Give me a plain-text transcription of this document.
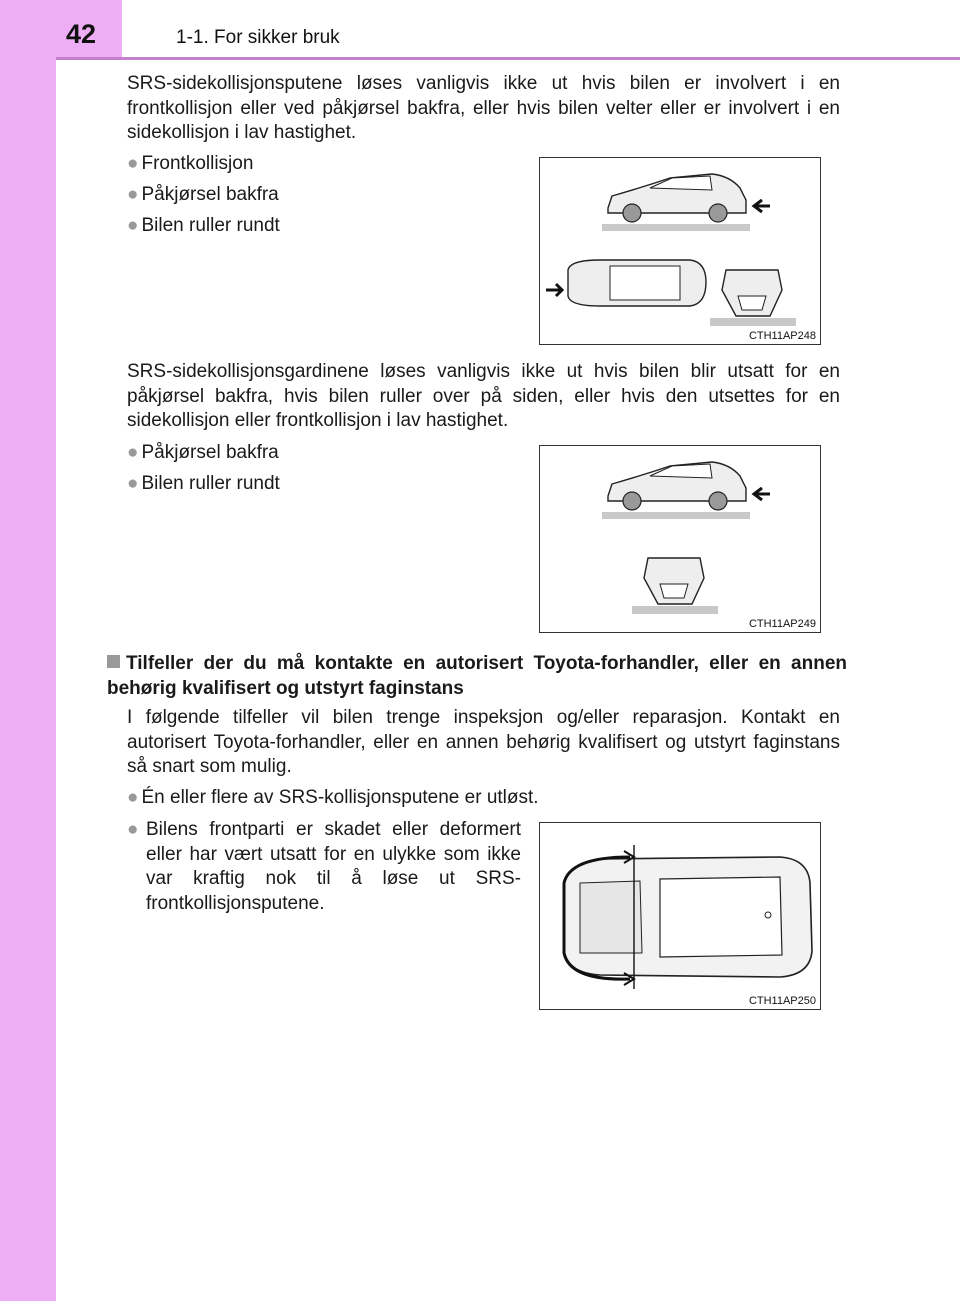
42	1-1. For sikker bruk

SRS-sidekollisjonsputene løses vanligvis ikke ut hvis bilen er involvert i en frontkollisjon eller ved påkjørsel bakfra, eller hvis bilen velter eller er involvert i en sidekollisjon i lav hastighet.

● Frontkollisjon

● Påkjørsel bakfra

● Bilen ruller rundt

CTH11AP248

SRS-sidekollisjonsgardinene løses vanligvis ikke ut hvis bilen blir utsatt for en påkjørsel bakfra, hvis bilen ruller over på siden, eller hvis den utsettes for en sidekollisjon eller frontkollisjon i lav hastighet.

● Påkjørsel bakfra

● Bilen ruller rundt

CTH11AP249

Tilfeller der du må kontakte en autorisert Toyota-forhandler, eller en annen behørig kvalifisert og utstyrt faginstans

I følgende tilfeller vil bilen trenge inspeksjon og/eller reparasjon. Kontakt en autorisert Toyota-forhandler, eller en annen behørig kvalifisert og utstyrt faginstans så snart som mulig.

● Én eller flere av SRS-kollisjonsputene er utløst.

● Bilens frontparti er skadet eller deformert eller har vært utsatt for en ulykke som ikke var kraftig nok til å løse ut SRS-frontkollisjonsputene.

CTH11AP250
